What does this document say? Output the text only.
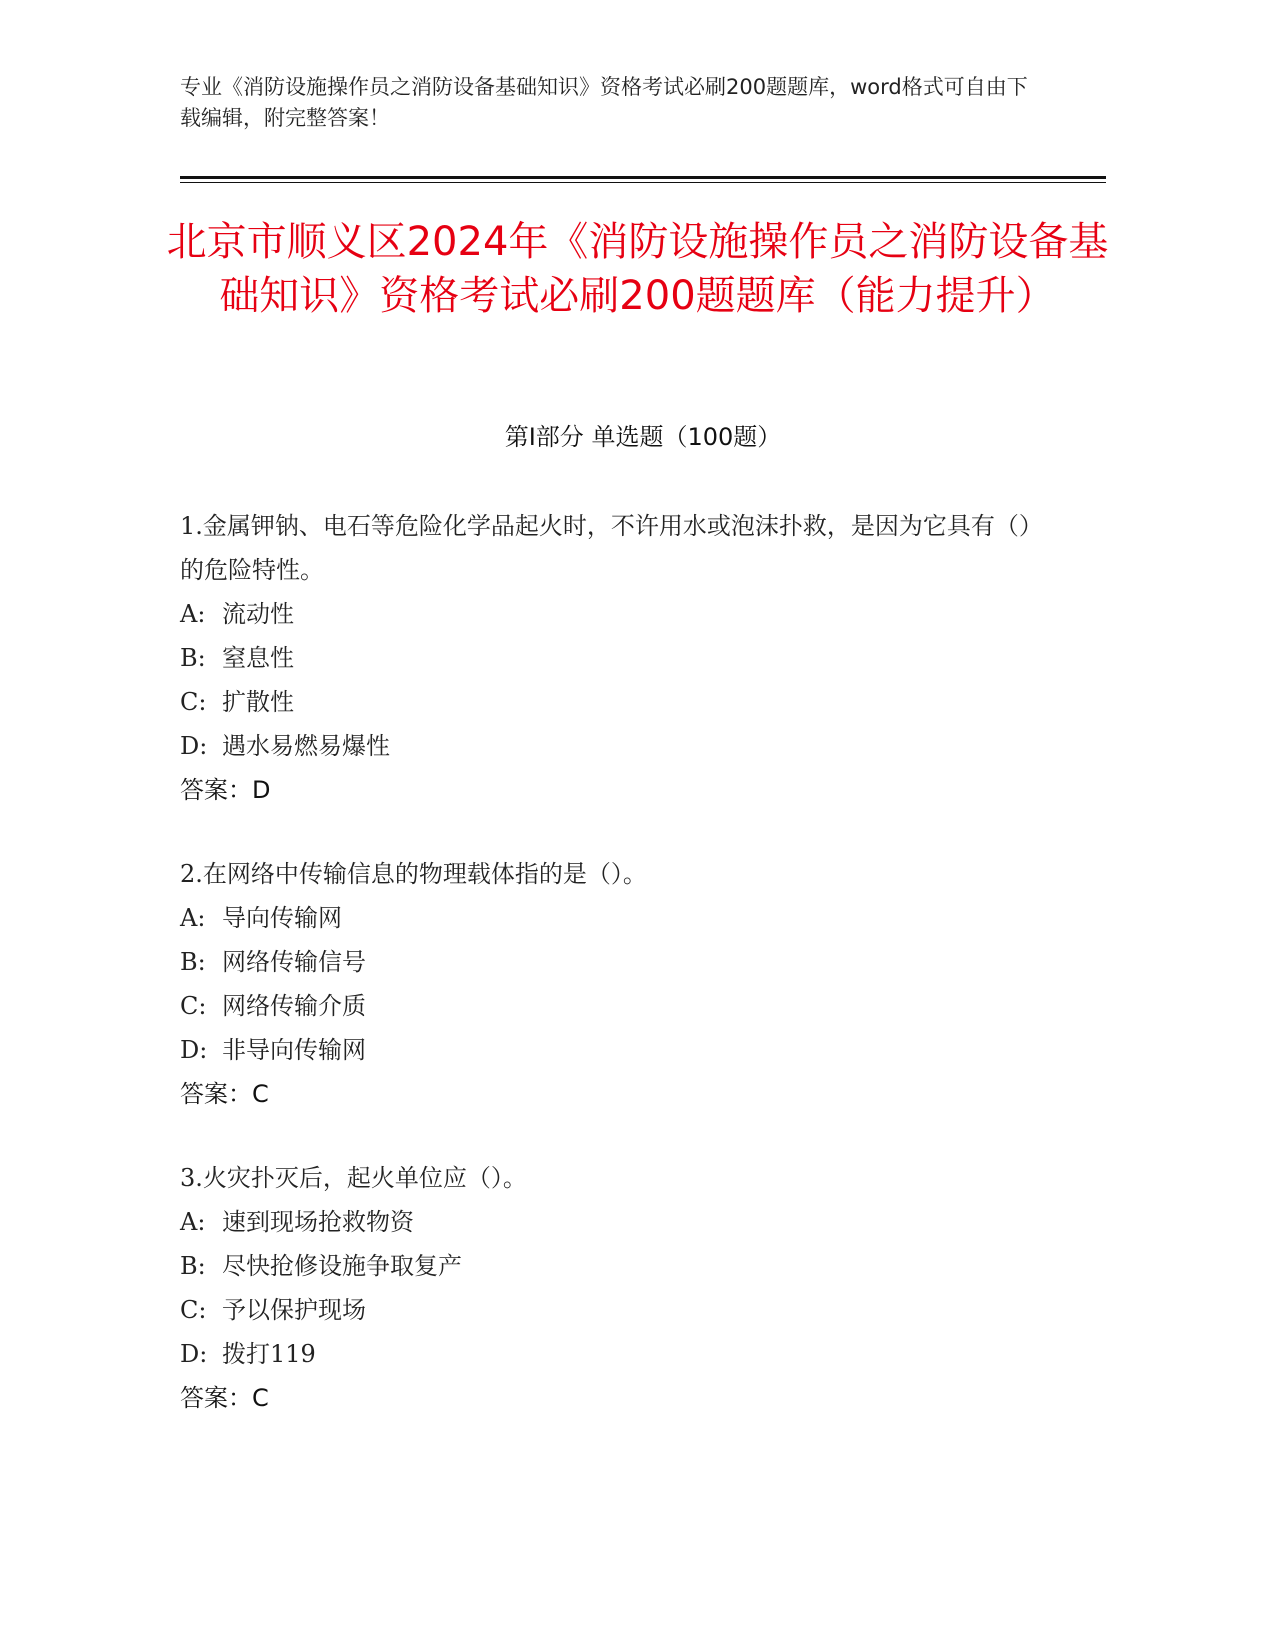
专业《消防设施操作员之消防设备基础知识》资格考试必刷200题题库，word格式可自由下载编辑，附完整答案！
北京市顺义区2024年《消防设施操作员之消防设备基础知识》资格考试必刷200题题库（能力提升）
第I部分 单选题（100题）

1.金属钾钠、电石等危险化学品起火时，不许用水或泡沫扑救，是因为它具有（）的危险特性。

A: 流动性
B: 窒息性
C: 扩散性
D: 遇水易燃易爆性

答案：D

2.在网络中传输信息的物理载体指的是（）。

A: 导向传输网
B: 网络传输信号
C: 网络传输介质
D: 非导向传输网

答案：C

3.火灾扑灭后，起火单位应（）。

A: 速到现场抢救物资
B: 尽快抢修设施争取复产
C: 予以保护现场
D: 拨打119

答案：C
